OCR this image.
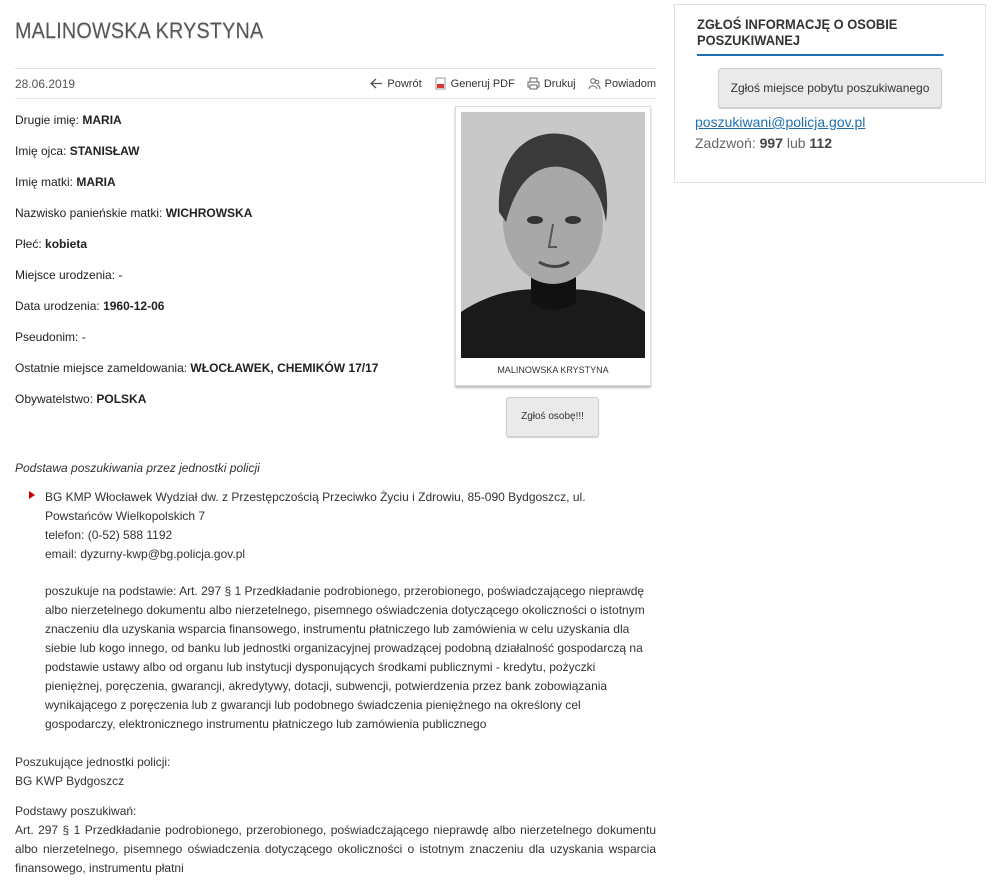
MALINOWSKA KRYSTYNA
28.06.2019	Powrót	Generuj PDF	Drukuj	Powiadom
Drugie imię: MARIA
Imię ojca: STANISŁAW
Imię matki: MARIA
Nazwisko panieńskie matki: WICHROWSKA
Płeć: kobieta
Miejsce urodzenia: -
Data urodzenia: 1960-12-06
Pseudonim: -
Ostatnie miejsce zameldowania: WŁOCŁAWEK, CHEMIKÓW 17/17
Obywatelstwo: POLSKA
MALINOWSKA KRYSTYNA
Zgłoś osobę!!!
Podstawa poszukiwania przez jednostki policji
BG KMP Włocławek Wydział dw. z Przestępczością Przeciwko Życiu i Zdrowiu, 85-090 Bydgoszcz, ul.
Powstańców Wielkopolskich 7
telefon: (0-52) 588 1192
email: dyzurny-kwp@bg.policja.gov.pl
poszukuje na podstawie: Art. 297 § 1 Przedkładanie podrobionego, przerobionego, poświadczającego nieprawdę
albo nierzetelnego dokumentu albo nierzetelnego, pisemnego oświadczenia dotyczącego okoliczności o istotnym
znaczeniu dla uzyskania wsparcia finansowego, instrumentu płatniczego lub zamówienia w celu uzyskania dla
siebie lub kogo innego, od banku lub jednostki organizacyjnej prowadzącej podobną działalność gospodarczą na
podstawie ustawy albo od organu lub instytucji dysponujących środkami publicznymi - kredytu, pożyczki
pieniężnej, poręczenia, gwarancji, akredytywy, dotacji, subwencji, potwierdzenia przez bank zobowiązania
wynikającego z poręczenia lub z gwarancji lub podobnego świadczenia pieniężnego na określony cel
gospodarczy, elektronicznego instrumentu płatniczego lub zamówienia publicznego
Poszukujące jednostki policji:
BG KWP Bydgoszcz
Podstawy poszukiwań:
Art. 297 § 1 Przedkładanie podrobionego, przerobionego, poświadczającego nieprawdę albo nierzetelnego dokumentu albo nierzetelnego, pisemnego oświadczenia dotyczącego okoliczności o istotnym znaczeniu dla uzyskania wsparcia finansowego, instrumentu płatni
ZGŁOŚ INFORMACJĘ O OSOBIE POSZUKIWANEJ
Zgłoś miejsce pobytu poszukiwanego
poszukiwani@policja.gov.pl
Zadzwoń: 997 lub 112
